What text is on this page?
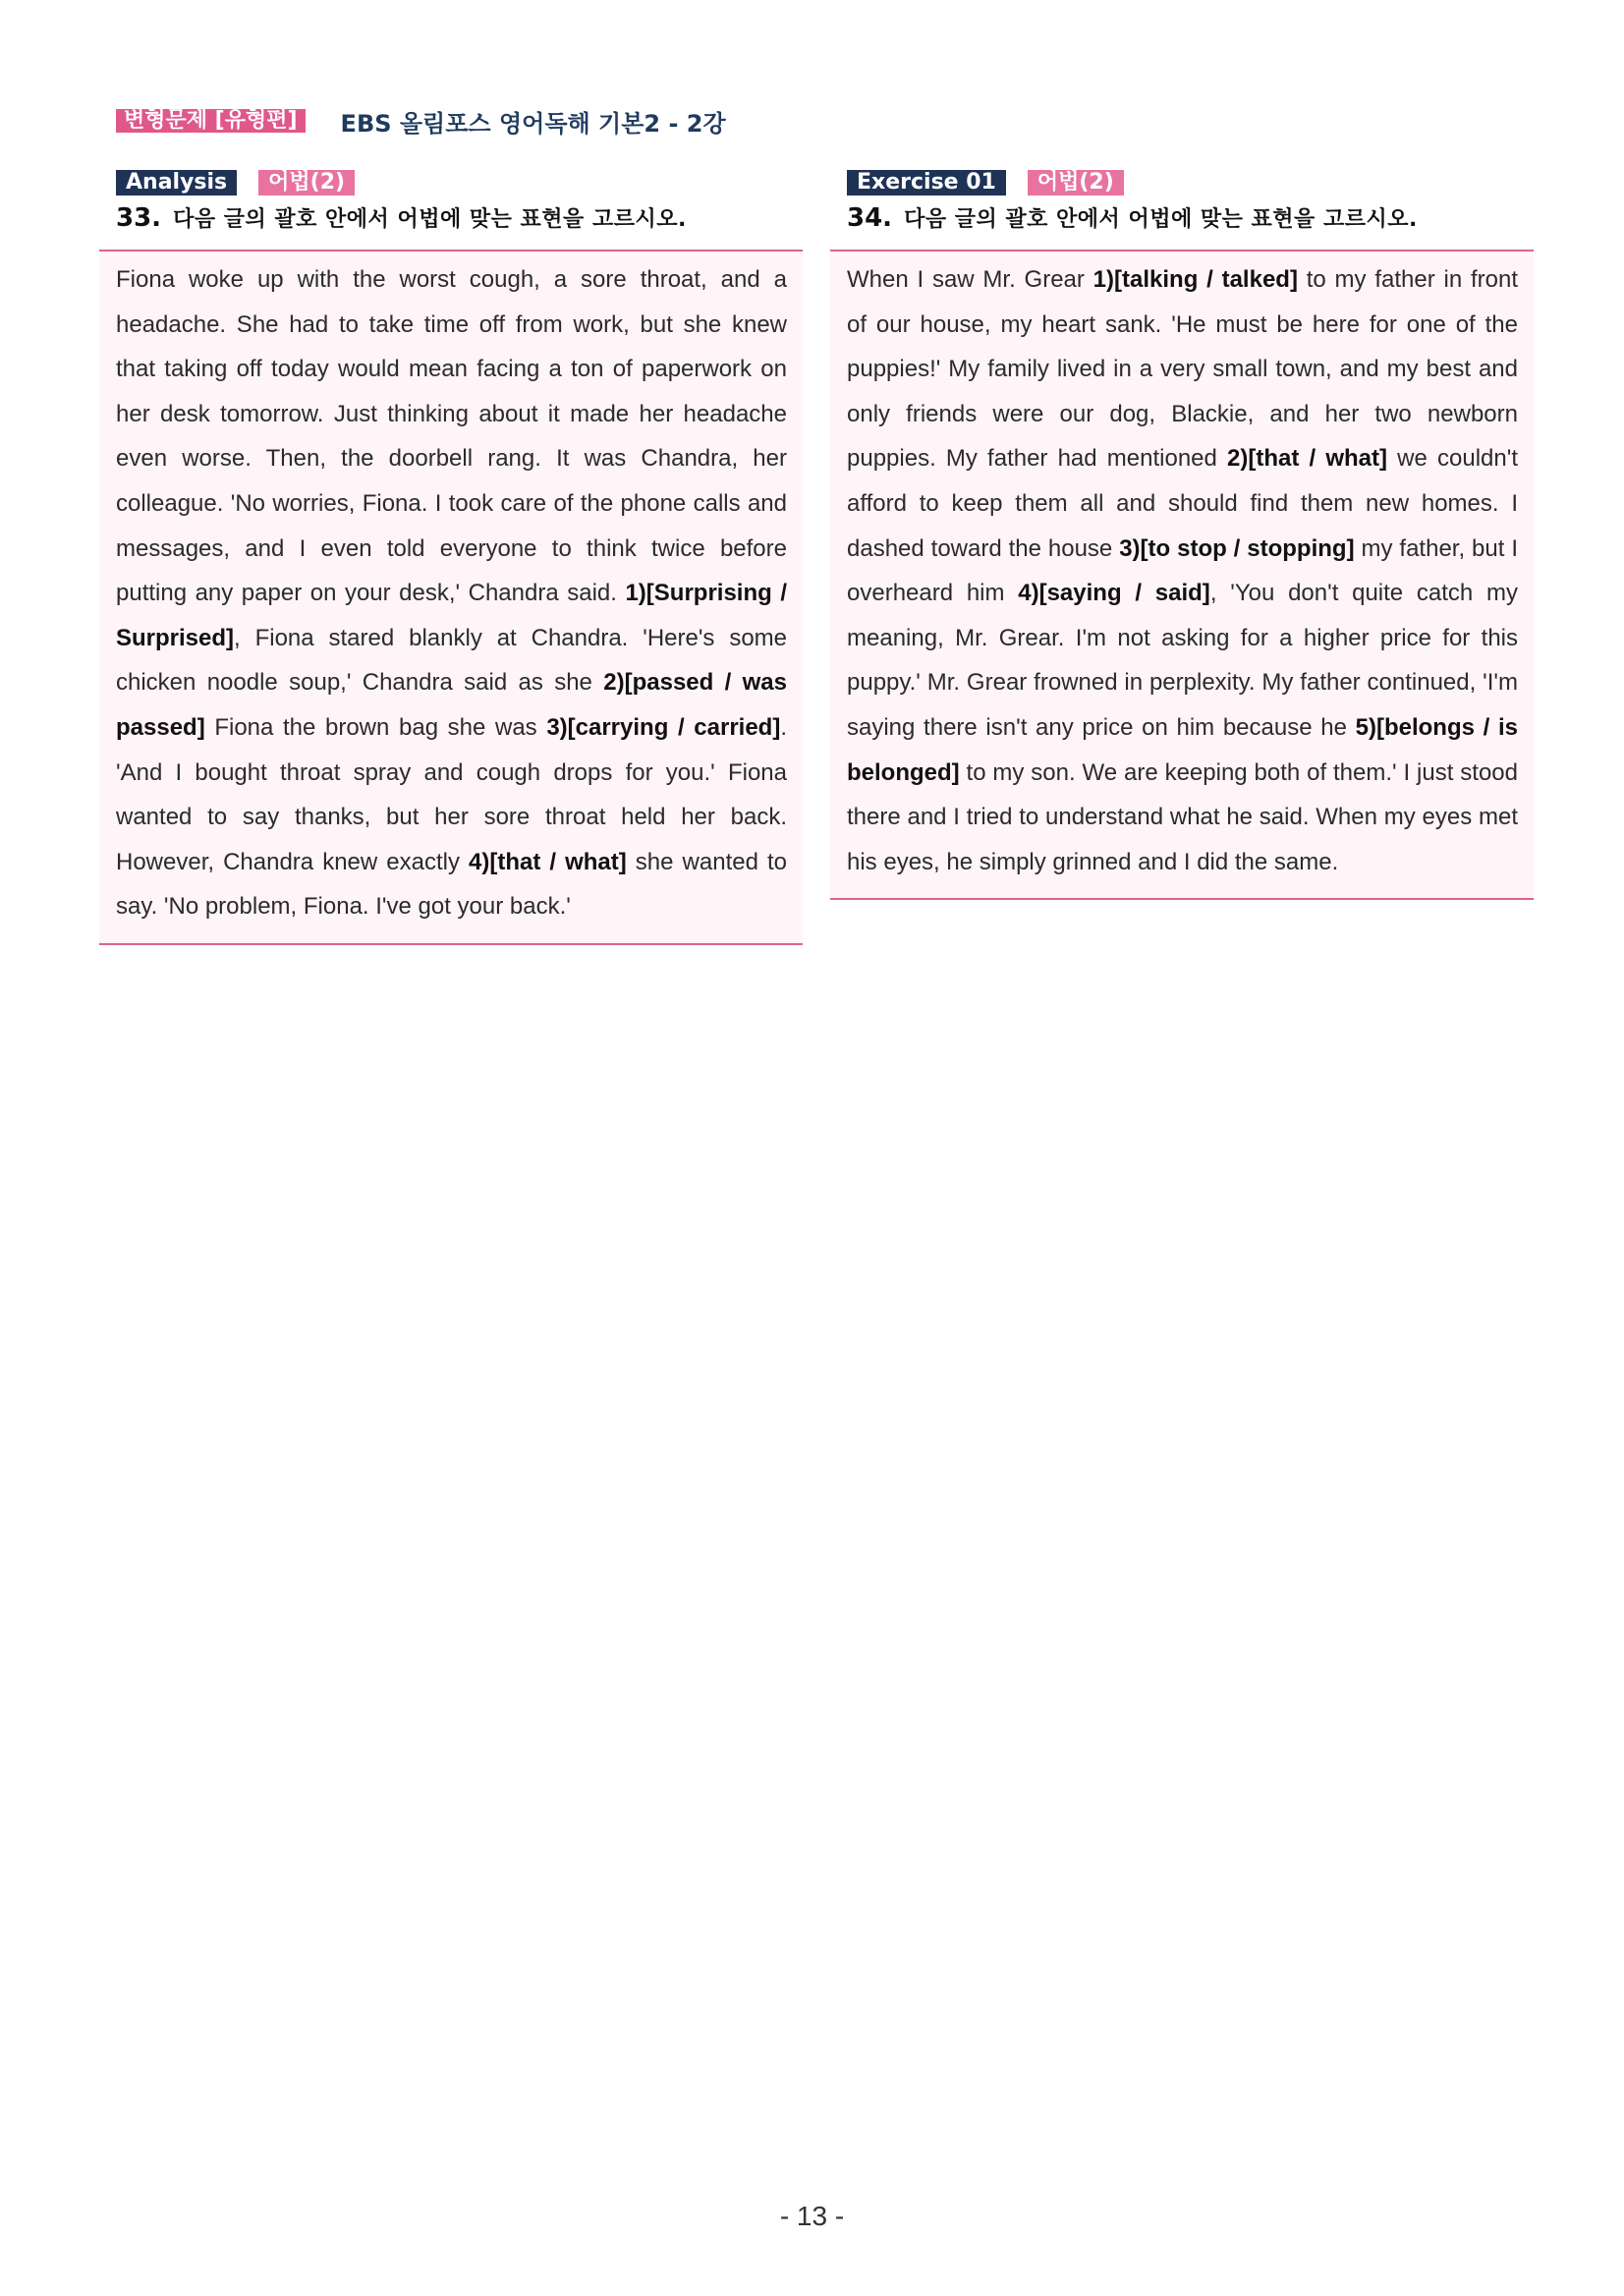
변형문제 [유형편]	EBS 올림포스 영어독해 기본2 - 2강
Analysis	어법(2)
33. 다음 글의 괄호 안에서 어법에 맞는 표현을 고르시오.

Fiona woke up with the worst cough, a sore throat, and a headache. She had to take time off from work, but she knew that taking off today would mean facing a ton of paperwork on her desk tomorrow. Just thinking about it made her headache even worse. Then, the doorbell rang. It was Chandra, her colleague. 'No worries, Fiona. I took care of the phone calls and messages, and I even told everyone to think twice before putting any paper on your desk,' Chandra said. 1)[Surprising / Surprised], Fiona stared blankly at Chandra. 'Here's some chicken noodle soup,' Chandra said as she 2)[passed / was passed] Fiona the brown bag she was 3)[carrying / carried]. 'And I bought throat spray and cough drops for you.' Fiona wanted to say thanks, but her sore throat held her back. However, Chandra knew exactly 4)[that / what] she wanted to say. 'No problem, Fiona. I've got your back.'

Exercise 01	어법(2)
34. 다음 글의 괄호 안에서 어법에 맞는 표현을 고르시오.

When I saw Mr. Grear 1)[talking / talked] to my father in front of our house, my heart sank. 'He must be here for one of the puppies!' My family lived in a very small town, and my best and only friends were our dog, Blackie, and her two newborn puppies. My father had mentioned 2)[that / what] we couldn't afford to keep them all and should find them new homes. I dashed toward the house 3)[to stop / stopping] my father, but I overheard him 4)[saying / said], 'You don't quite catch my meaning, Mr. Grear. I'm not asking for a higher price for this puppy.' Mr. Grear frowned in perplexity. My father continued, 'I'm saying there isn't any price on him because he 5)[belongs / is belonged] to my son. We are keeping both of them.' I just stood there and I tried to understand what he said. When my eyes met his eyes, he simply grinned and I did the same.

- 13 -
